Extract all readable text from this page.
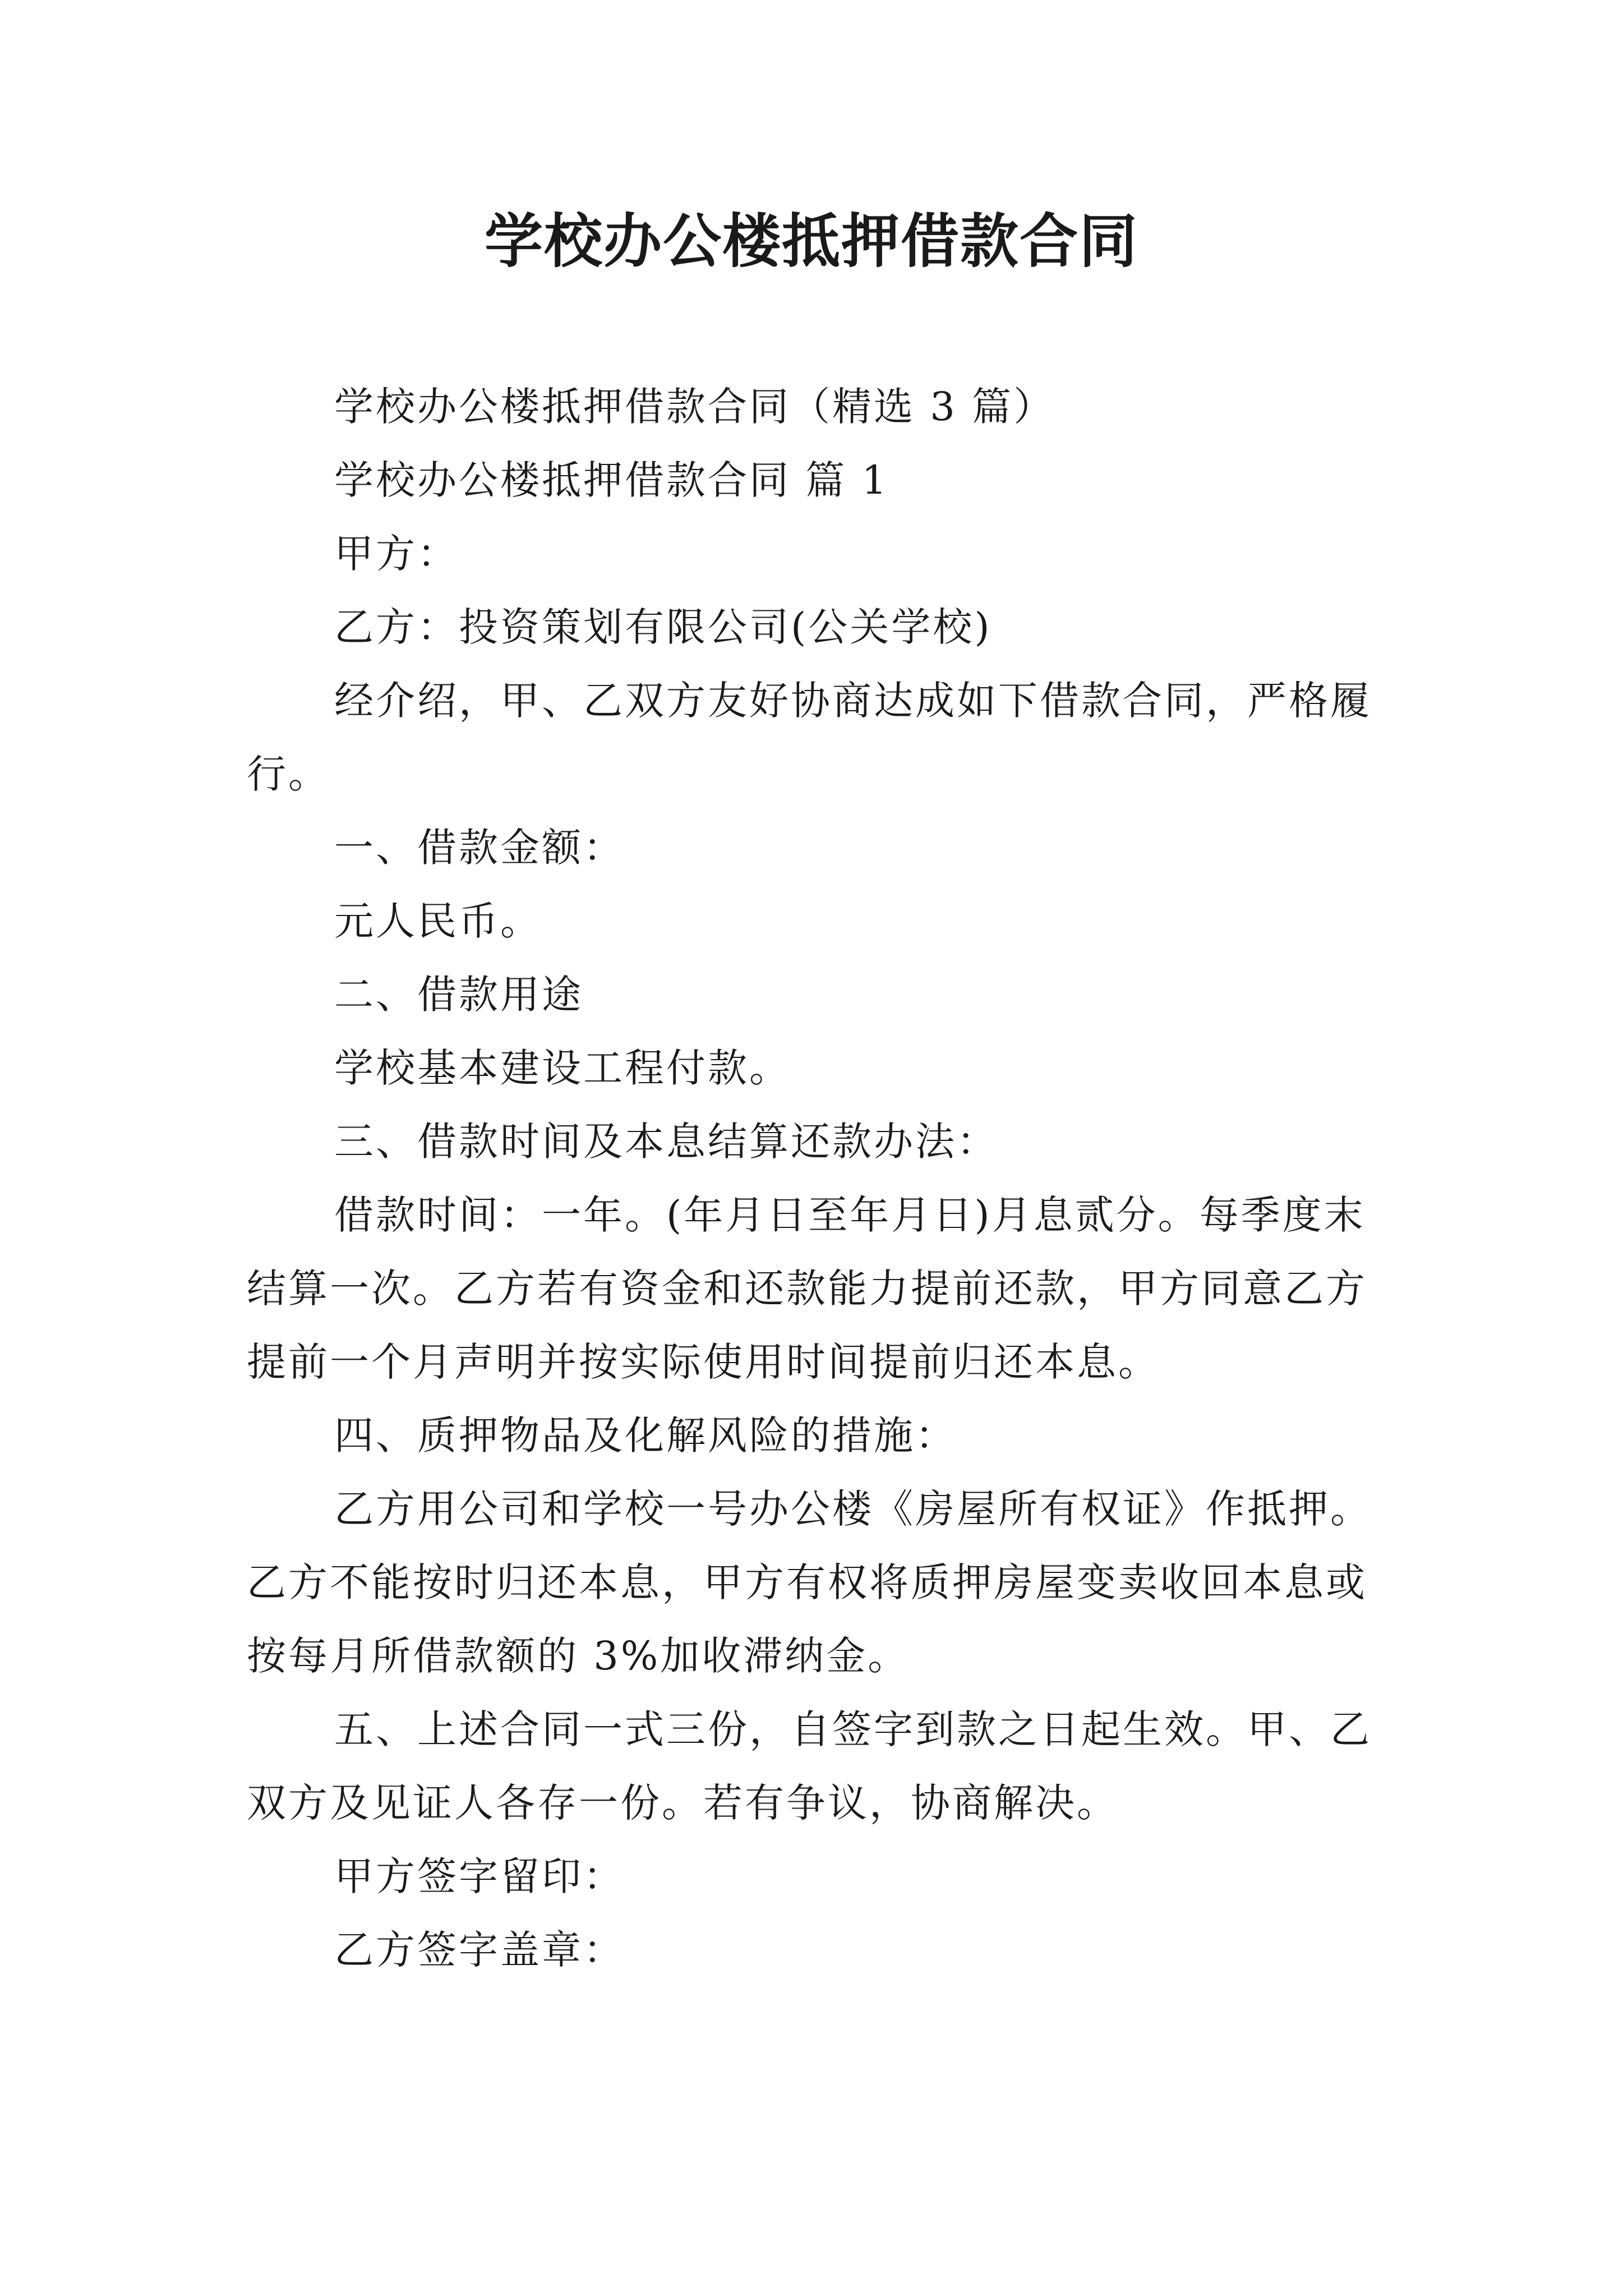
学校办公楼抵押借款合同

学校办公楼抵押借款合同（精选 3 篇）

学校办公楼抵押借款合同 篇 1

甲方：

乙方：投资策划有限公司(公关学校)

经介绍，甲、乙双方友好协商达成如下借款合同，严格履行。

一、借款金额：

元人民币。

二、借款用途

学校基本建设工程付款。

三、借款时间及本息结算还款办法：

借款时间：一年。(年月日至年月日)月息贰分。每季度末结算一次。乙方若有资金和还款能力提前还款，甲方同意乙方提前一个月声明并按实际使用时间提前归还本息。

四、质押物品及化解风险的措施：

乙方用公司和学校一号办公楼《房屋所有权证》作抵押。乙方不能按时归还本息，甲方有权将质押房屋变卖收回本息或按每月所借款额的 3%加收滞纳金。

五、上述合同一式三份，自签字到款之日起生效。甲、乙双方及见证人各存一份。若有争议，协商解决。

甲方签字留印：

乙方签字盖章：
